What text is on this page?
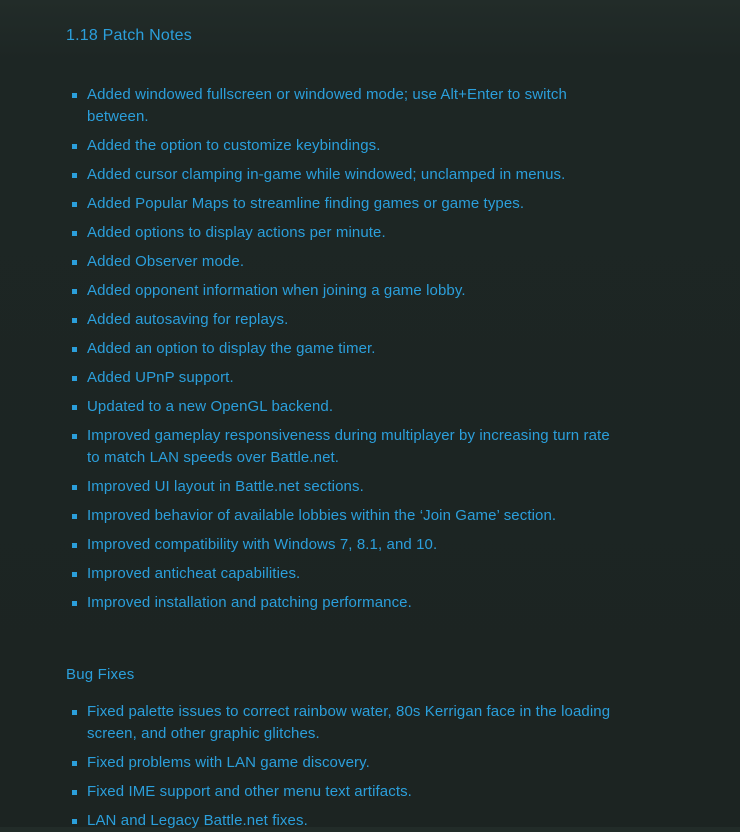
1.18 Patch Notes
Added windowed fullscreen or windowed mode; use Alt+Enter to switch between.
Added the option to customize keybindings.
Added cursor clamping in-game while windowed; unclamped in menus.
Added Popular Maps to streamline finding games or game types.
Added options to display actions per minute.
Added Observer mode.
Added opponent information when joining a game lobby.
Added autosaving for replays.
Added an option to display the game timer.
Added UPnP support.
Updated to a new OpenGL backend.
Improved gameplay responsiveness during multiplayer by increasing turn rate to match LAN speeds over Battle.net.
Improved UI layout in Battle.net sections.
Improved behavior of available lobbies within the ‘Join Game’ section.
Improved compatibility with Windows 7, 8.1, and 10.
Improved anticheat capabilities.
Improved installation and patching performance.
Bug Fixes
Fixed palette issues to correct rainbow water, 80s Kerrigan face in the loading screen, and other graphic glitches.
Fixed problems with LAN game discovery.
Fixed IME support and other menu text artifacts.
LAN and Legacy Battle.net fixes.
